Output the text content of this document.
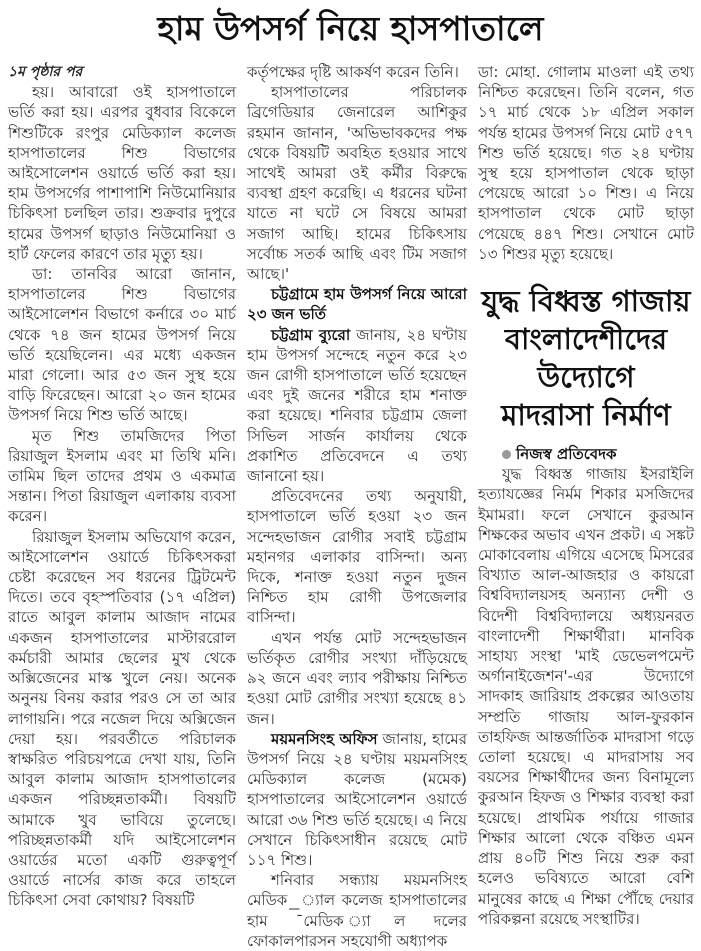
হাম উপসর্গ নিয়ে হাসপাতালে
১ম পৃষ্ঠার পর

হয়। আবারো ওই হাসপাতালে ভর্তি করা হয়। এরপর বুধবার বিকেলে শিশুটিকে রংপুর মেডিক্যাল কলেজ হাসপাতালের শিশু বিভাগের আইসোলেশন ওয়ার্ডে ভর্তি করা হয়। হাম উপসর্গের পাশাপাশি নিউমোনিয়ার চিকিৎসা চলছিল তার। শুক্রবার দুপুরে হামের উপসর্গ ছাড়াও নিউমোনিয়া ও হার্ট ফেলের কারণে তার মৃত্যু হয়।

ডা: তানবির আরো জানান, হাসপাতালের শিশু বিভাগের আইসোলেশন বিভাগে কর্নারে ৩০ মার্চ থেকে ৭৪ জন হামের উপসর্গ নিয়ে ভর্তি হয়েছিলেন। এর মধ্যে একজন মারা গেলো। আর ৫৩ জন সুস্থ হয়ে বাড়ি ফিরেছেন। আরো ২০ জন হামের উপসর্গ নিয়ে শিশু ভর্তি আছে।

মৃত শিশু তামজিদের পিতা রিয়াজুল ইসলাম এবং মা তিথি মনি। তামিম ছিল তাদের প্রথম ও একমাত্র সন্তান। পিতা রিয়াজুল এলাকায় ব্যবসা করেন।

রিয়াজুল ইসলাম অভিযোগ করেন, আইসোলেশন ওয়ার্ডে চিকিৎসকরা চেষ্টা করেছেন সব ধরনের ট্রিটমেন্ট দিতে। তবে বৃহস্পতিবার (১৭ এপ্রিল) রাতে আবুল কালাম আজাদ নামের একজন হাসপাতালের মাস্টাররোল কর্মচারী আমার ছেলের মুখ থেকে অক্সিজেনের মাস্ক খুলে নেয়। অনেক অনুনয় বিনয় করার পরও সে তা আর লাগায়নি। পরে নজেল দিয়ে অক্সিজেন দেয়া হয়। পরবর্তীতে পরিচালক স্বাক্ষরিত পরিচয়পত্রে দেখা যায়, তিনি আবুল কালাম আজাদ হাসপাতালের একজন পরিচ্ছন্নতাকর্মী। বিষয়টি আমাকে খুব ভাবিয়ে তুলেছে। পরিচ্ছন্নতাকর্মী যদি আইসোলেশন ওয়ার্ডের মতো একটি গুরুত্বপূর্ণ ওয়ার্ডে নার্সের কাজ করে তাহলে চিকিৎসা সেবা কোথায়? বিষয়টি

কর্তৃপক্ষের দৃষ্টি আকর্ষণ করেন তিনি।

হাসপাতালের পরিচালক ব্রিগেডিয়ার জেনারেল আশিকুর রহমান জানান, 'অভিভাবকদের পক্ষ থেকে বিষয়টি অবহিত হওয়ার সাথে সাথেই আমরা ওই কর্মীর বিরুদ্ধে ব্যবস্থা গ্রহণ করেছি। এ ধরনের ঘটনা যাতে না ঘটে সে বিষয়ে আমরা সজাগ আছি। হামের চিকিৎসায় সর্বোচ্চ সতর্ক আছি এবং টিম সজাগ আছে।'

চট্টগ্রামে হাম উপসর্গ নিয়ে আরো ২৩ জন ভর্তি

চট্টগ্রাম ব্যুরো জানায়, ২৪ ঘণ্টায় হাম উপসর্গ সন্দেহে নতুন করে ২৩ জন রোগী হাসপাতালে ভর্তি হয়েছেন এবং দুই জনের শরীরে হাম শনাক্ত করা হয়েছে। শনিবার চট্টগ্রাম জেলা সিভিল সার্জন কার্যালয় থেকে প্রকাশিত প্রতিবেদনে এ তথ্য জানানো হয়।

প্রতিবেদনের তথ্য অনুযায়ী, হাসপাতালে ভর্তি হওয়া ২৩ জন সন্দেহভাজন রোগীর সবাই চট্টগ্রাম মহানগর এলাকার বাসিন্দা। অন্য দিকে, শনাক্ত হওয়া নতুন দুজন নিশ্চিত হাম রোগী উপজেলার বাসিন্দা।

এখন পর্যন্ত মোট সন্দেহভাজন ভর্তিকৃত রোগীর সংখ্যা দাঁড়িয়েছে ৯২ জনে এবং ল্যাব পরীক্ষায় নিশ্চিত হওয়া মোট রোগীর সংখ্যা হয়েছে ৪১ জন।

ময়মনসিংহ অফিস জানায়, হামের উপসর্গ নিয়ে ২৪ ঘণ্টায় ময়মনসিংহ মেডিক্যাল কলেজ (মমেক) হাসপাতালের আইসোলেশন ওয়ার্ডে আরো ৩৬ শিশু ভর্তি হয়েছে। এ নিয়ে সেখানে চিকিৎসাধীন রয়েছে মোট ১১৭ শিশু।

শনিবার সন্ধ্যায় ময়মনসিংহ মেডিক_্যাল কলেজ হাসপাতালের হাম ¯মেডিক ্যাল দলের ফোকালপারসন সহযোগী অধ্যাপক

ডা: মোহা. গোলাম মাওলা এই তথ্য নিশ্চিত করেছেন। তিনি বলেন, গত ১৭ মার্চ থেকে ১৮ এপ্রিল সকাল পর্যন্ত হামের উপসর্গ নিয়ে মোট ৫৭৭ শিশু ভর্তি হয়েছে। গত ২৪ ঘণ্টায় সুস্থ হয়ে হাসপাতাল থেকে ছাড়া পেয়েছে আরো ১০ শিশু। এ নিয়ে হাসপাতাল থেকে মোট ছাড়া পেয়েছে ৪৪৭ শিশু। সেখানে মোট ১৩ শিশুর মৃত্যু হয়েছে।

যুদ্ধ বিধ্বস্ত গাজায়
বাংলাদেশীদের উদ্যোগে
মাদরাসা নির্মাণ

নিজস্ব প্রতিবেদক

যুদ্ধ বিধ্বস্ত গাজায় ইসরাইলি হত্যাযজ্ঞের নির্মম শিকার মসজিদের ইমামরা। ফলে সেখানে কুরআন শিক্ষকের অভাব এখন প্রকট। এ সঙ্কট মোকাবেলায় এগিয়ে এসেছে মিসরের বিখ্যাত আল-আজহার ও কায়রো বিশ্ববিদ্যালয়সহ অন্যান্য দেশী ও বিদেশী বিশ্ববিদ্যালয়ে অধ্যয়নরত বাংলাদেশী শিক্ষার্থীরা। মানবিক সাহায্য সংস্থা 'মাই ডেভেলপমেন্ট অর্গানাইজেশন'-এর উদ্যোগে সাদকাহ জারিয়াহ প্রকল্পের আওতায় সম্প্রতি গাজায় আল-ফুরকান তাহফিজ আন্তর্জাতিক মাদরাসা গড়ে তোলা হয়েছে। এ মাদরাসায় সব বয়সের শিক্ষার্থীদের জন্য বিনামূল্যে কুরআন হিফজ ও শিক্ষার ব্যবস্থা করা হয়েছে। প্রাথমিক পর্যায়ে গাজার শিক্ষার আলো থেকে বঞ্চিত এমন প্রায় ৪০টি শিশু নিয়ে শুরু করা হলেও ভবিষ্যতে আরো বেশি মানুষের কাছে এ শিক্ষা পৌঁছে দেয়ার পরিকল্পনা রয়েছে সংস্থাটির।
